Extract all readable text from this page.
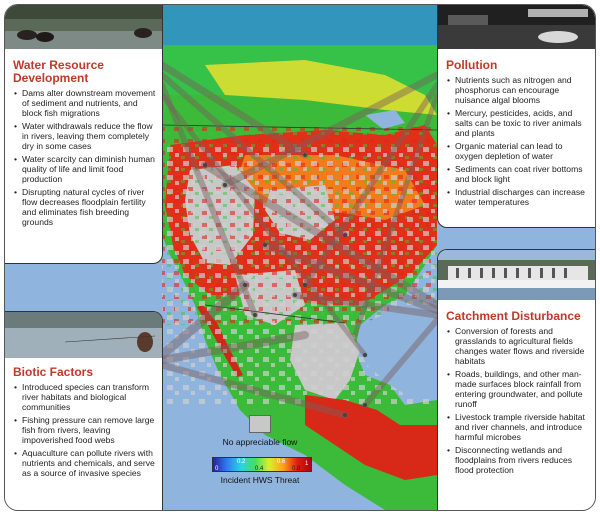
Water Resource
Development
• Dams alter downstream movement of sediment and nutrients, and block fish migrations
• Water withdrawals reduce the flow in rivers, leaving them completely dry in some cases
• Water scarcity can diminish human quality of life and limit food production
• Disrupting natural cycles of river flow decreases floodplain fertility and eliminates fish breeding grounds
Pollution
• Nutrients such as nitrogen and phosphorus can encourage nuisance algal blooms
• Mercury, pesticides, acids, and salts can be toxic to river animals and plants
• Organic material can lead to oxygen depletion of water
• Sediments can coat river bottoms and block light
• Industrial discharges can increase water temperatures
Catchment Disturbance
• Conversion of forests and grasslands to agricultural fields changes water flows and riverside habitats
• Roads, buildings, and other man-made surfaces block rainfall from entering groundwater, and pollute runoff
• Livestock trample riverside habitat and river channels, and introduce harmful microbes
• Disconnecting wetlands and floodplains from rivers reduces flood protection
Biotic Factors
• Introduced species can transform river habitats and biological communities
• Fishing pressure can remove large fish from rivers, leaving impoverished food webs
• Aquaculture can pollute rivers with nutrients and chemicals, and serve as a source of invasive species
No appreciable flow
0.2	0.6
0	0.4	0.8
1
Incident HWS Threat
